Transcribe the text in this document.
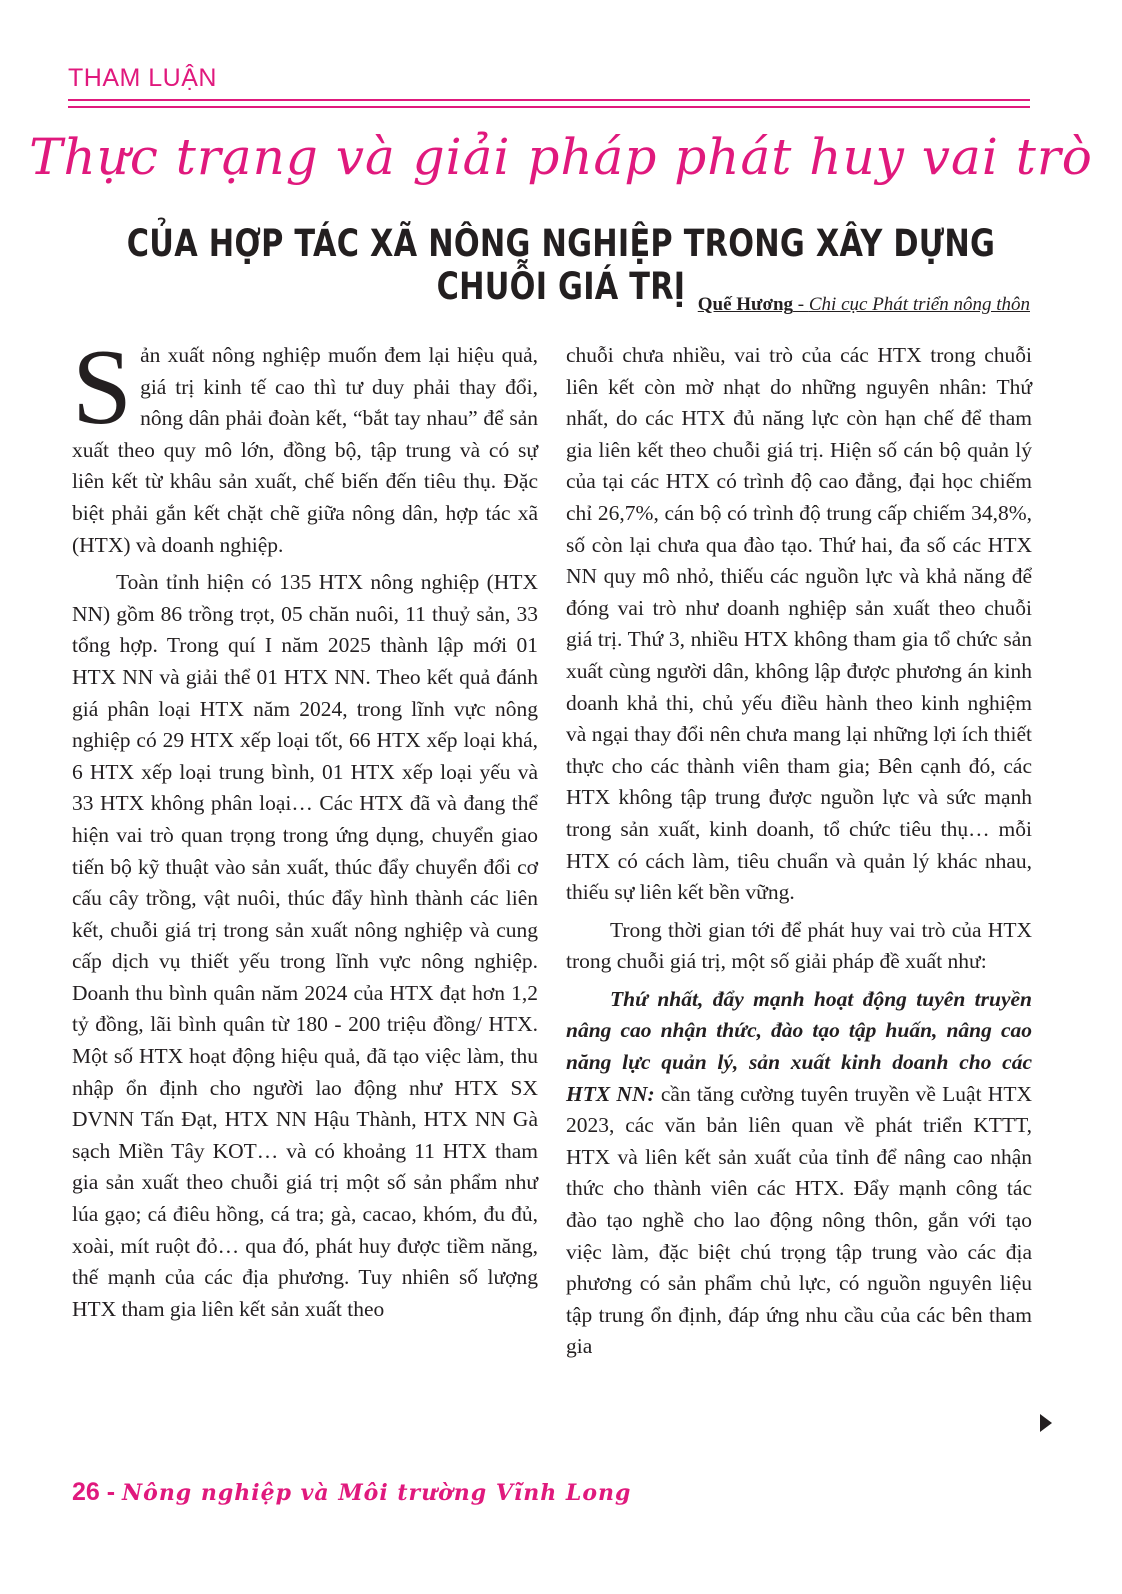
THAM LUẬN
Thực trạng và giải pháp phát huy vai trò
CỦA HỢP TÁC XÃ NÔNG NGHIỆP TRONG XÂY DỰNG CHUỖI GIÁ TRỊ Quế Hương - Chi cục Phát triển nông thôn

Sản xuất nông nghiệp muốn đem lại hiệu quả, giá trị kinh tế cao thì tư duy phải thay đổi, nông dân phải đoàn kết, “bắt tay nhau” để sản xuất theo quy mô lớn, đồng bộ, tập trung và có sự liên kết từ khâu sản xuất, chế biến đến tiêu thụ. Đặc biệt phải gắn kết chặt chẽ giữa nông dân, hợp tác xã (HTX) và doanh nghiệp.

Toàn tỉnh hiện có 135 HTX nông nghiệp (HTX NN) gồm 86 trồng trọt, 05 chăn nuôi, 11 thuỷ sản, 33 tổng hợp. Trong quí I năm 2025 thành lập mới 01 HTX NN và giải thể 01 HTX NN. Theo kết quả đánh giá phân loại HTX năm 2024, trong lĩnh vực nông nghiệp có 29 HTX xếp loại tốt, 66 HTX xếp loại khá, 6 HTX xếp loại trung bình, 01 HTX xếp loại yếu và 33 HTX không phân loại… Các HTX đã và đang thể hiện vai trò quan trọng trong ứng dụng, chuyển giao tiến bộ kỹ thuật vào sản xuất, thúc đẩy chuyển đổi cơ cấu cây trồng, vật nuôi, thúc đẩy hình thành các liên kết, chuỗi giá trị trong sản xuất nông nghiệp và cung cấp dịch vụ thiết yếu trong lĩnh vực nông nghiệp. Doanh thu bình quân năm 2024 của HTX đạt hơn 1,2 tỷ đồng, lãi bình quân từ 180 - 200 triệu đồng/ HTX. Một số HTX hoạt động hiệu quả, đã tạo việc làm, thu nhập ổn định cho người lao động như HTX SX DVNN Tấn Đạt, HTX NN Hậu Thành, HTX NN Gà sạch Miền Tây KOT… và có khoảng 11 HTX tham gia sản xuất theo chuỗi giá trị một số sản phẩm như lúa gạo; cá điêu hồng, cá tra; gà, cacao, khóm, đu đủ, xoài, mít ruột đỏ… qua đó, phát huy được tiềm năng, thế mạnh của các địa phương. Tuy nhiên số lượng HTX tham gia liên kết sản xuất theo

chuỗi chưa nhiều, vai trò của các HTX trong chuỗi liên kết còn mờ nhạt do những nguyên nhân: Thứ nhất, do các HTX đủ năng lực còn hạn chế để tham gia liên kết theo chuỗi giá trị. Hiện số cán bộ quản lý của tại các HTX có trình độ cao đẳng, đại học chiếm chỉ 26,7%, cán bộ có trình độ trung cấp chiếm 34,8%, số còn lại chưa qua đào tạo. Thứ hai, đa số các HTX NN quy mô nhỏ, thiếu các nguồn lực và khả năng để đóng vai trò như doanh nghiệp sản xuất theo chuỗi giá trị. Thứ 3, nhiều HTX không tham gia tổ chức sản xuất cùng người dân, không lập được phương án kinh doanh khả thi, chủ yếu điều hành theo kinh nghiệm và ngại thay đổi nên chưa mang lại những lợi ích thiết thực cho các thành viên tham gia; Bên cạnh đó, các HTX không tập trung được nguồn lực và sức mạnh trong sản xuất, kinh doanh, tổ chức tiêu thụ… mỗi HTX có cách làm, tiêu chuẩn và quản lý khác nhau, thiếu sự liên kết bền vững.

Trong thời gian tới để phát huy vai trò của HTX trong chuỗi giá trị, một số giải pháp đề xuất như:

Thứ nhất, đẩy mạnh hoạt động tuyên truyền nâng cao nhận thức, đào tạo tập huấn, nâng cao năng lực quản lý, sản xuất kinh doanh cho các HTX NN: cần tăng cường tuyên truyền về Luật HTX 2023, các văn bản liên quan về phát triển KTTT, HTX và liên kết sản xuất của tỉnh để nâng cao nhận thức cho thành viên các HTX. Đẩy mạnh công tác đào tạo nghề cho lao động nông thôn, gắn với tạo việc làm, đặc biệt chú trọng tập trung vào các địa phương có sản phẩm chủ lực, có nguồn nguyên liệu tập trung ổn định, đáp ứng nhu cầu của các bên tham gia

26 - Nông nghiệp và Môi trường Vĩnh Long
